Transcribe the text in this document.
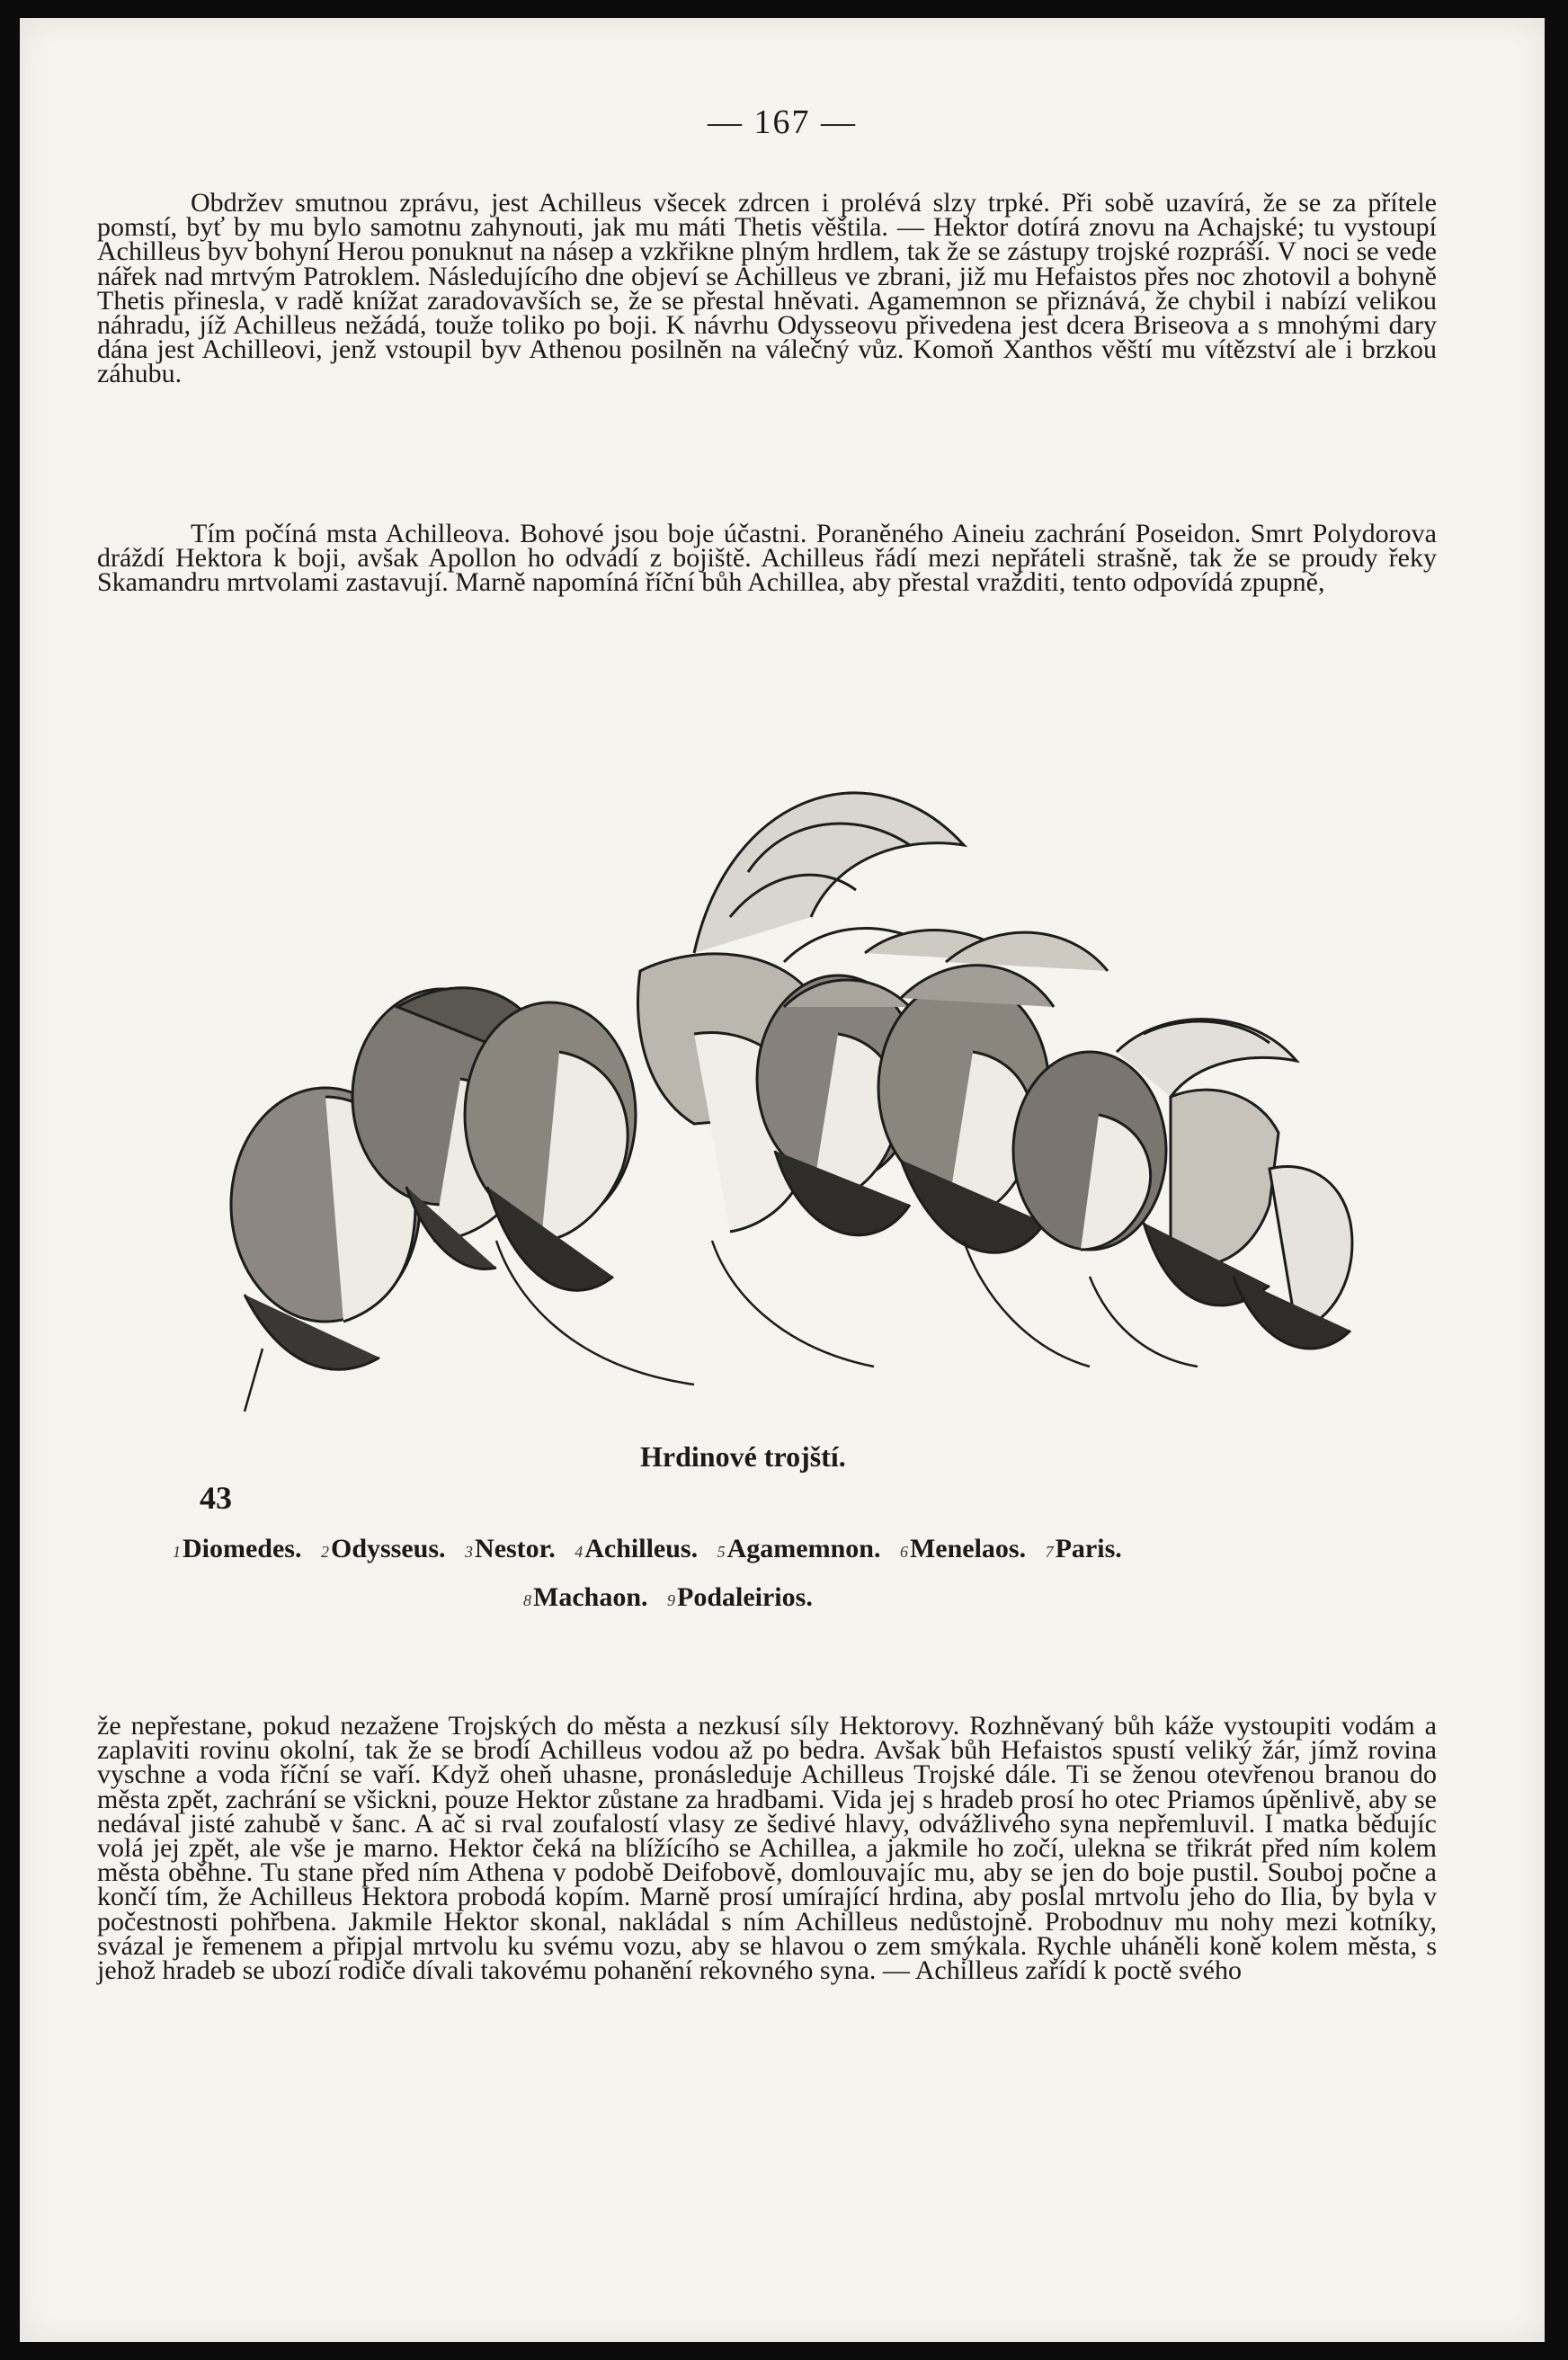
— 167 —

Obdržev smutnou zprávu, jest Achilleus všecek zdrcen i prolévá slzy trpké. Při sobě uzavírá, že se za přítele pomstí, byť by mu bylo samotnu zahynouti, jak mu máti Thetis věštila. — Hektor dotírá znovu na Achajské; tu vystoupí Achilleus byv bohyní Herou ponuknut na násep a vzkřikne plným hrdlem, tak že se zástupy trojské rozpráší. V noci se vede nářek nad mrtvým Patroklem. Následujícího dne objeví se Achilleus ve zbrani, již mu Hefaistos přes noc zhotovil a bohyně Thetis přinesla, v radě knížat zaradovavších se, že se přestal hněvati. Agamemnon se přiznává, že chybil i nabízí velikou náhradu, jíž Achilleus nežádá, touže toliko po boji. K návrhu Odysseovu přivedena jest dcera Briseova a s mnohými dary dána jest Achilleovi, jenž vstoupil byv Athenou posilněn na válečný vůz. Komoň Xanthos věští mu vítězství ale i brzkou záhubu.

Tím počíná msta Achilleova. Bohové jsou boje účastni. Poraněného Aineiu zachrání Poseidon. Smrt Polydorova dráždí Hektora k boji, avšak Apollon ho odvádí z bojiště. Achilleus řádí mezi nepřáteli strašně, tak že se proudy řeky Skamandru mrtvolami zastavují. Marně napomíná říční bůh Achillea, aby přestal vražditi, tento odpovídá zpupně,

Hrdinové trojští.
43
1Diomedes. 2Odysseus. 3Nestor. 4Achilleus. 5Agamemnon. 6Menelaos. 7Paris.
8Machaon. 9Podaleirios.

že nepřestane, pokud nezažene Trojských do města a nezkusí síly Hektorovy. Rozhněvaný bůh káže vystoupiti vodám a zaplaviti rovinu okolní, tak že se brodí Achilleus vodou až po bedra. Avšak bůh Hefaistos spustí veliký žár, jímž rovina vyschne a voda říční se vaří. Když oheň uhasne, pronásleduje Achilleus Trojské dále. Ti se ženou otevřenou branou do města zpět, zachrání se všickni, pouze Hektor zůstane za hradbami. Vida jej s hradeb prosí ho otec Priamos úpěnlivě, aby se nedával jisté zahubě v šanc. A ač si rval zoufalostí vlasy ze šedivé hlavy, odvážlivého syna nepřemluvil. I matka bědujíc volá jej zpět, ale vše je marno. Hektor čeká na blížícího se Achillea, a jakmile ho zočí, ulekna se třikrát před ním kolem města oběhne. Tu stane před ním Athena v podobě Deifobově, domlouvajíc mu, aby se jen do boje pustil. Souboj počne a končí tím, že Achilleus Hektora probodá kopím. Marně prosí umírající hrdina, aby poslal mrtvolu jeho do Ilia, by byla v počestnosti pohřbena. Jakmile Hektor skonal, nakládal s ním Achilleus nedůstojně. Probodnuv mu nohy mezi kotníky, svázal je řemenem a připjal mrtvolu ku svému vozu, aby se hlavou o zem smýkala. Rychle uháněli koně kolem města, s jehož hradeb se ubozí rodiče dívali takovému pohanění rekovného syna. — Achilleus zařídí k poctě svého
